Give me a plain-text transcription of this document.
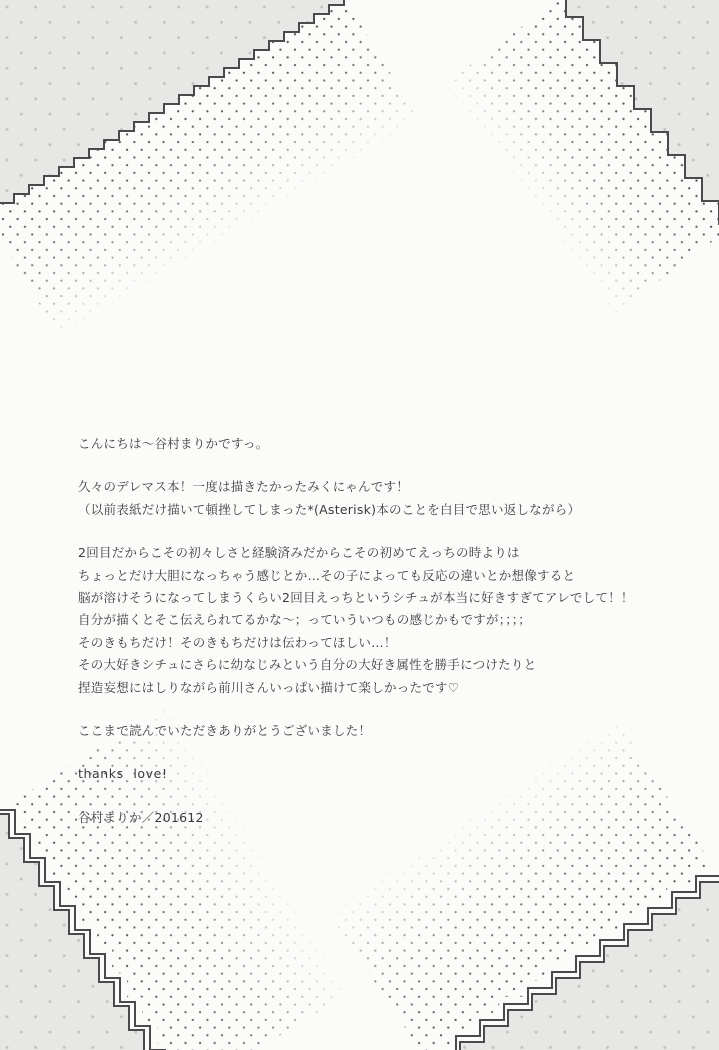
こんにちは～谷村まりかですっ。

久々のデレマス本！一度は描きたかったみくにゃんです！
（以前表紙だけ描いて頓挫してしまった*(Asterisk)本のことを白目で思い返しながら）

2回目だからこその初々しさと経験済みだからこその初めてえっちの時よりは
ちょっとだけ大胆になっちゃう感じとか…その子によっても反応の違いとか想像すると
脳が溶けそうになってしまうくらい2回目えっちというシチュが本当に好きすぎてアレでして！！
自分が描くとそこ伝えられてるかな～；っていういつもの感じかもですが；；；；
そのきもちだけ！そのきもちだけは伝わってほしい…！
その大好きシチュにさらに幼なじみという自分の大好き属性を勝手につけたりと
捏造妄想にはしりながら前川さんいっぱい描けて楽しかったです♡

ここまで読んでいただきありがとうございました！

thanks love!

谷村まりか／201612
